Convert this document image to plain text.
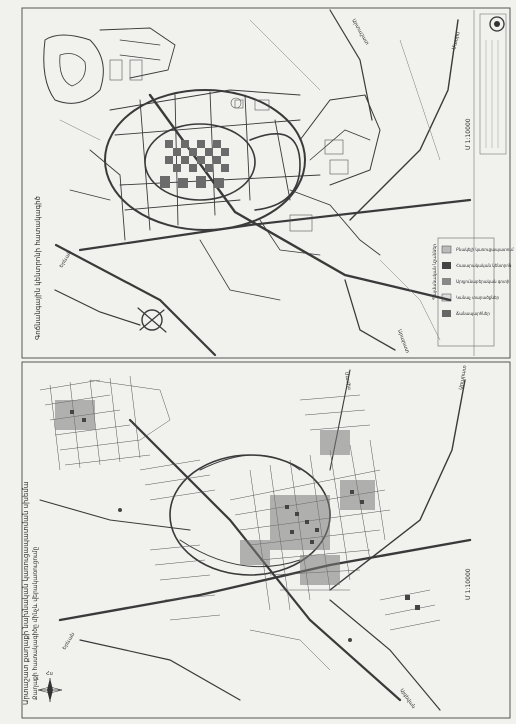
Բնակելի կառուցապատում
Հասարակական կենտրոն
Արդյունաբերական գոտի
Կանաչ տարածքներ
Ճանապարհներ
Պայմանական նշաններ
Գոճնանգային կենտրոնի հատակագիծ
Մ 1:10000
Երևան
Արտաշատ	Մասիս
Արարատ
Արտաշատ քաղաքի նախնական կառուցապատման սխեմա Քաղաքի հատակագիծը մինչև վերակառուցումը	Մ 1:10000
Հս
Երևան
Մասիս	Արարատ
Այգեվան
